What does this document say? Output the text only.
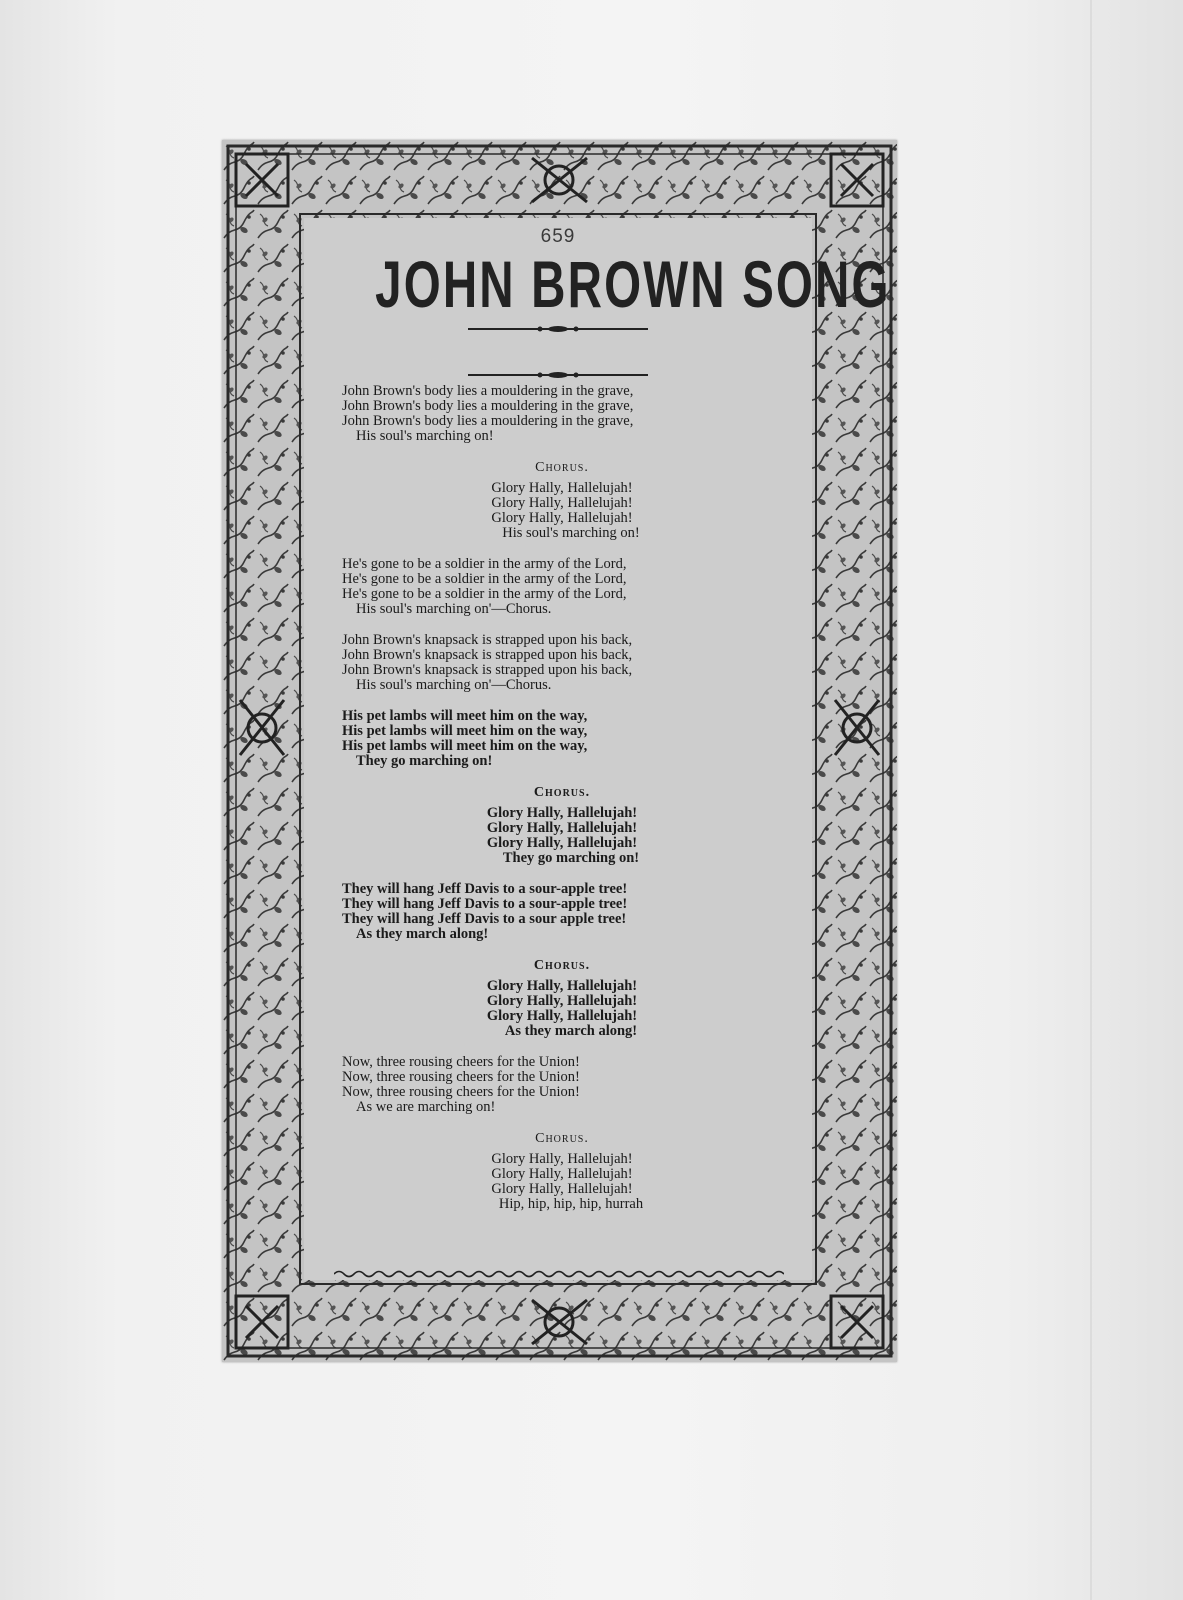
659
JOHN BROWN SONG
John Brown's body lies a mouldering in the grave,
John Brown's body lies a mouldering in the grave,
John Brown's body lies a mouldering in the grave,
His soul's marching on!
Chorus.
Glory Hally, Hallelujah!
Glory Hally, Hallelujah!
Glory Hally, Hallelujah!
His soul's marching on!
He's gone to be a soldier in the army of the Lord,
He's gone to be a soldier in the army of the Lord,
He's gone to be a soldier in the army of the Lord,
His soul's marching on'—Chorus.
John Brown's knapsack is strapped upon his back,
John Brown's knapsack is strapped upon his back,
John Brown's knapsack is strapped upon his back,
His soul's marching on'—Chorus.
His pet lambs will meet him on the way,
His pet lambs will meet him on the way,
His pet lambs will meet him on the way,
They go marching on!
Chorus.
Glory Hally, Hallelujah!
Glory Hally, Hallelujah!
Glory Hally, Hallelujah!
They go marching on!
They will hang Jeff Davis to a sour-apple tree!
They will hang Jeff Davis to a sour-apple tree!
They will hang Jeff Davis to a sour apple tree!
As they march along!
Chorus.
Glory Hally, Hallelujah!
Glory Hally, Hallelujah!
Glory Hally, Hallelujah!
As they march along!
Now, three rousing cheers for the Union!
Now, three rousing cheers for the Union!
Now, three rousing cheers for the Union!
As we are marching on!
Chorus.
Glory Hally, Hallelujah!
Glory Hally, Hallelujah!
Glory Hally, Hallelujah!
Hip, hip, hip, hip, hurrah
